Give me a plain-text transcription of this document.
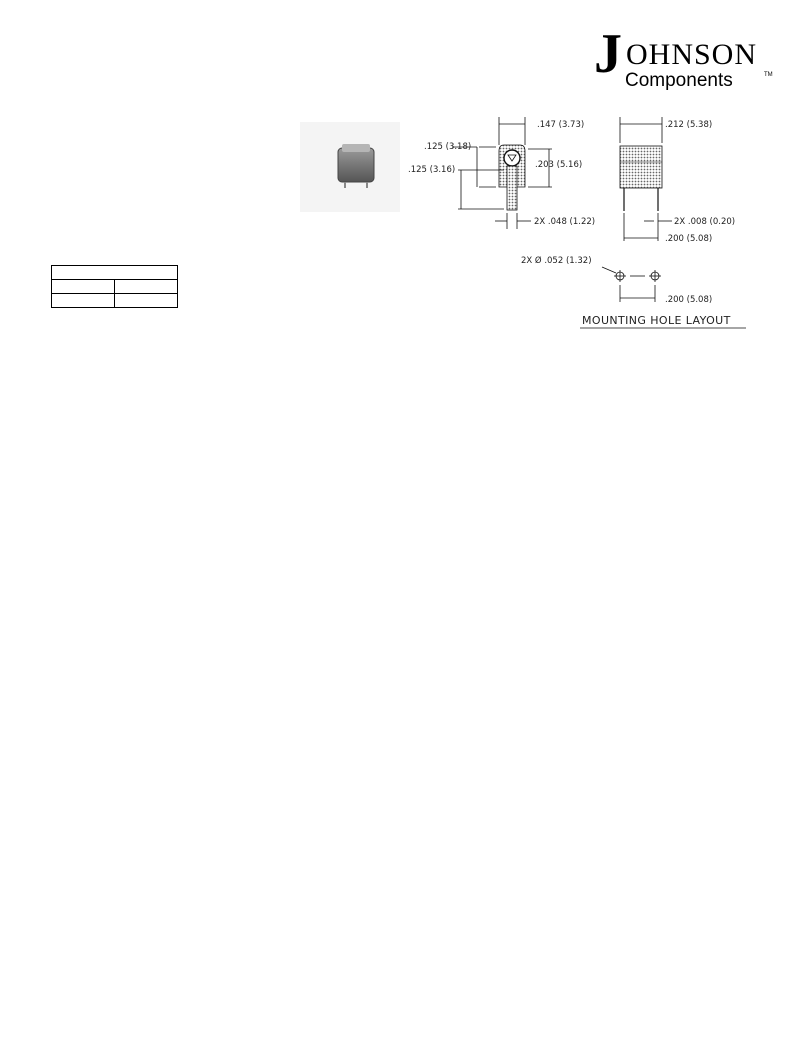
J OHNSON
Components	TM

.147 (3.73)
.125 (3.18)
.125 (3.16)	.203 (5.16)
2X .048 (1.22)
.212 (5.38)
2X .008 (0.20)
.200 (5.08)
2X Ø .052 (1.32)
.200 (5.08)
MOUNTING HOLE LAYOUT
